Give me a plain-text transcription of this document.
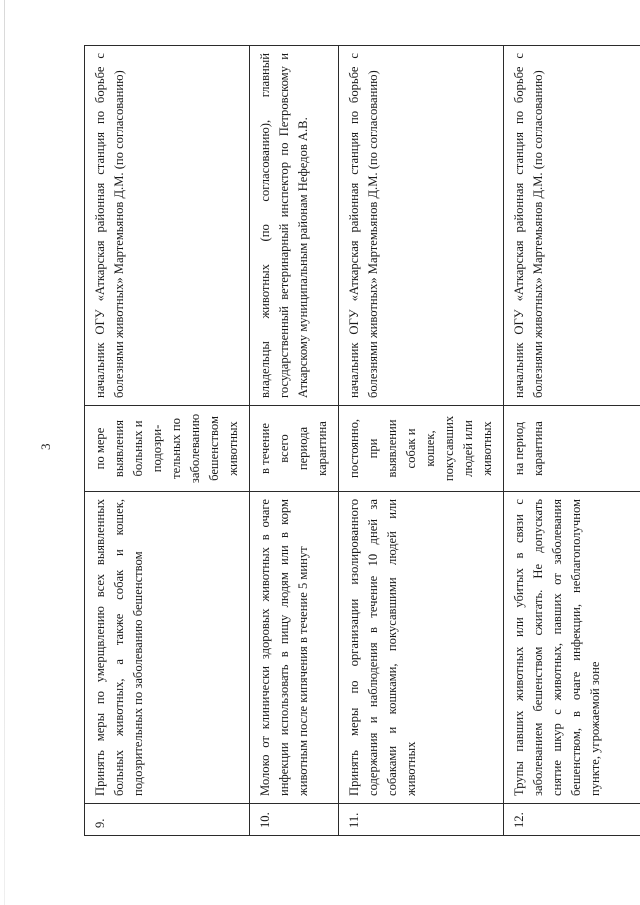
3
9.	Принять меры по умерщвлению всех выявленных больных животных, а также собак и кошек, подозрительных по заболеванию бешенством	по мере выявления больных и подозри-тельных по заболеванию бешенством животных	начальник ОГУ «Аткарская районная станция по борьбе с болезнями животных» Мартемьянов Д.М. (по согласованию)
10.	Молоко от клинически здоровых животных в очаге инфекции использовать в пищу людям или в корм животным после кипячения в течение 5 минут	в течение всего периода карантина	владельцы животных (по согласованию), главный государственный ветеринарный инспектор по Петровскому и Аткарскому муниципальным районам Нефедов А.В.
11.	Принять меры по организации изолированного содержания и наблюдения в течение 10 дней за собаками и кошками, покусавшими людей или животных	постоянно, при выявлении собак и кошек, покусавших людей или животных	начальник ОГУ «Аткарская районная станция по борьбе с болезнями животных» Мартемьянов Д.М. (по согласованию)
12.	Трупы павших животных или убитых в связи с заболеванием бешенством сжигать. Не допускать снятие шкур с животных, павших от заболевания бешенством, в очаге инфекции, неблагополучном пункте, угрожаемой зоне	на период карантина	начальник ОГУ «Аткарская районная станция по борьбе с болезнями животных» Мартемьянов Д.М. (по согласованию)
